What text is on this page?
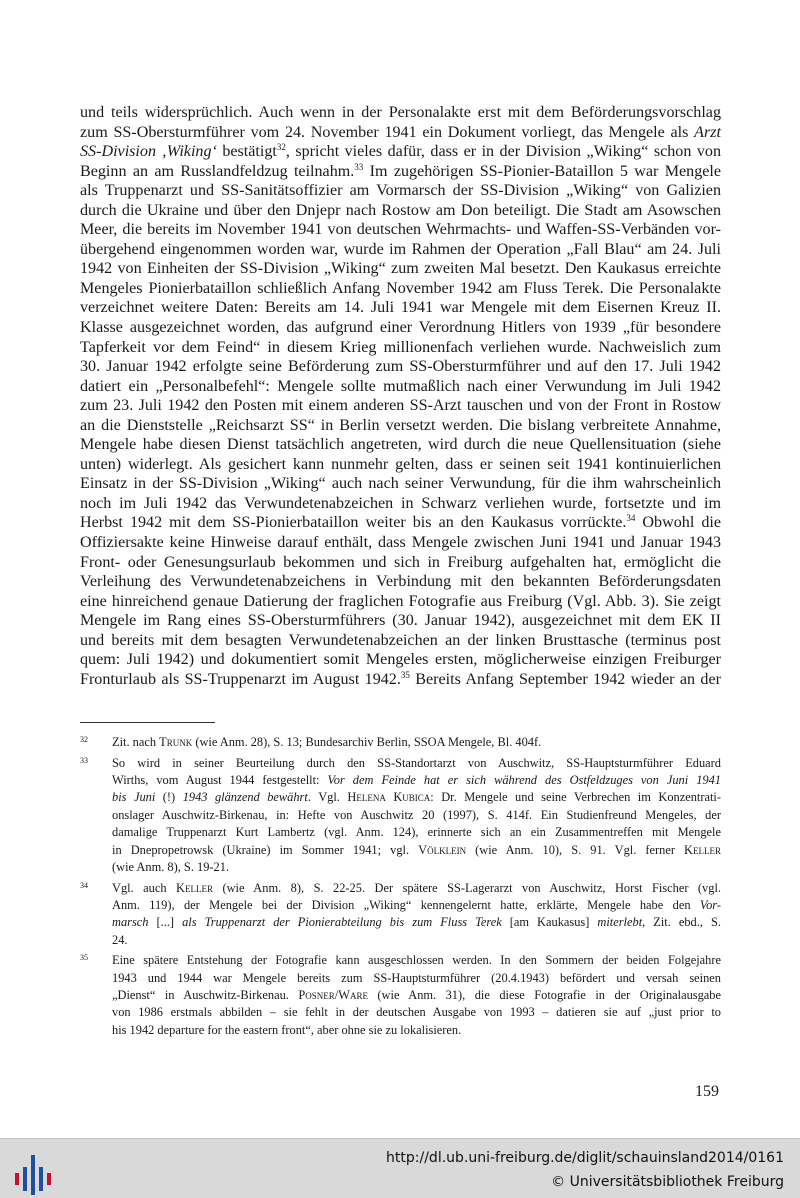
und teils widersprüchlich. Auch wenn in der Personalakte erst mit dem Beförderungsvorschlag
zum SS-Obersturmführer vom 24. November 1941 ein Dokument vorliegt, das Mengele als Arzt
SS-Division ‚Wiking‘ bestätigt$^{32}$, spricht vieles dafür, dass er in der Division „Wiking“ schon von
Beginn an am Russlandfeldzug teilnahm.$^{33}$ Im zugehörigen SS-Pionier-Bataillon 5 war Mengele
als Truppenarzt und SS-Sanitätsoffizier am Vormarsch der SS-Division „Wiking“ von Galizien
durch die Ukraine und über den Dnjepr nach Rostow am Don beteiligt. Die Stadt am Asowschen
Meer, die bereits im November 1941 von deutschen Wehrmachts- und Waffen-SS-Verbänden vor-
übergehend eingenommen worden war, wurde im Rahmen der Operation „Fall Blau“ am 24. Juli
1942 von Einheiten der SS-Division „Wiking“ zum zweiten Mal besetzt. Den Kaukasus erreichte
Mengeles Pionierbataillon schließlich Anfang November 1942 am Fluss Terek. Die Personalakte
verzeichnet weitere Daten: Bereits am 14. Juli 1941 war Mengele mit dem Eisernen Kreuz II.
Klasse ausgezeichnet worden, das aufgrund einer Verordnung Hitlers von 1939 „für besondere
Tapferkeit vor dem Feind“ in diesem Krieg millionenfach verliehen wurde. Nachweislich zum
30. Januar 1942 erfolgte seine Beförderung zum SS-Obersturmführer und auf den 17. Juli 1942
datiert ein „Personalbefehl“: Mengele sollte mutmaßlich nach einer Verwundung im Juli 1942
zum 23. Juli 1942 den Posten mit einem anderen SS-Arzt tauschen und von der Front in Rostow
an die Dienststelle „Reichsarzt SS“ in Berlin versetzt werden. Die bislang verbreitete Annahme,
Mengele habe diesen Dienst tatsächlich angetreten, wird durch die neue Quellensituation (siehe
unten) widerlegt. Als gesichert kann nunmehr gelten, dass er seinen seit 1941 kontinuierlichen
Einsatz in der SS-Division „Wiking“ auch nach seiner Verwundung, für die ihm wahrscheinlich
noch im Juli 1942 das Verwundetenabzeichen in Schwarz verliehen wurde, fortsetzte und im
Herbst 1942 mit dem SS-Pionierbataillon weiter bis an den Kaukasus vorrückte.$^{34}$ Obwohl die
Offiziersakte keine Hinweise darauf enthält, dass Mengele zwischen Juni 1941 und Januar 1943
Front- oder Genesungsurlaub bekommen und sich in Freiburg aufgehalten hat, ermöglicht die
Verleihung des Verwundetenabzeichens in Verbindung mit den bekannten Beförderungsdaten
eine hinreichend genaue Datierung der fraglichen Fotografie aus Freiburg (Vgl. Abb. 3). Sie zeigt
Mengele im Rang eines SS-Obersturmführers (30. Januar 1942), ausgezeichnet mit dem EK II
und bereits mit dem besagten Verwundetenabzeichen an der linken Brusttasche (terminus post
quem: Juli 1942) und dokumentiert somit Mengeles ersten, möglicherweise einzigen Freiburger
Fronturlaub als SS-Truppenarzt im August 1942.35 Bereits Anfang September 1942 wieder an der
32 Zit. nach Trunk (wie Anm. 28), S. 13; Bundesarchiv Berlin, SSOA Mengele, Bl. 404f.
33 So wird in seiner Beurteilung durch den SS-Standortarzt von Auschwitz, SS-Hauptsturmführer Eduard
Wirths, vom August 1944 festgestellt: Vor dem Feinde hat er sich während des Ostfeldzuges von Juni 1941
bis Juni (!) 1943 glänzend bewährt. Vgl. Helena Kubica: Dr. Mengele und seine Verbrechen im Konzentrati-
onslager Auschwitz-Birkenau, in: Hefte von Auschwitz 20 (1997), S. 414f. Ein Studienfreund Mengeles, der
damalige Truppenarzt Kurt Lambertz (vgl. Anm. 124), erinnerte sich an ein Zusammentreffen mit Mengele
in Dnepropetrowsk (Ukraine) im Sommer 1941; vgl. Völklein (wie Anm. 10), S. 91. Vgl. ferner Keller
(wie Anm. 8), S. 19-21.
34 Vgl. auch Keller (wie Anm. 8), S. 22-25. Der spätere SS-Lagerarzt von Auschwitz, Horst Fischer (vgl.
Anm. 119), der Mengele bei der Division „Wiking“ kennengelernt hatte, erklärte, Mengele habe den Vor-
marsch [...] als Truppenarzt der Pionierabteilung bis zum Fluss Terek [am Kaukasus] miterlebt, Zit. ebd., S.
24.
35 Eine spätere Entstehung der Fotografie kann ausgeschlossen werden. In den Sommern der beiden Folgejahre
1943 und 1944 war Mengele bereits zum SS-Hauptsturmführer (20.4.1943) befördert und versah seinen
„Dienst“ in Auschwitz-Birkenau. Posner/Ware (wie Anm. 31), die diese Fotografie in der Originalausgabe
von 1986 erstmals abbilden – sie fehlt in der deutschen Ausgabe von 1993 – datieren sie auf „just prior to
his 1942 departure for the eastern front“, aber ohne sie zu lokalisieren.
159
http://dl.ub.uni-freiburg.de/diglit/schauinsland2014/0161
© Universitätsbibliothek Freiburg
